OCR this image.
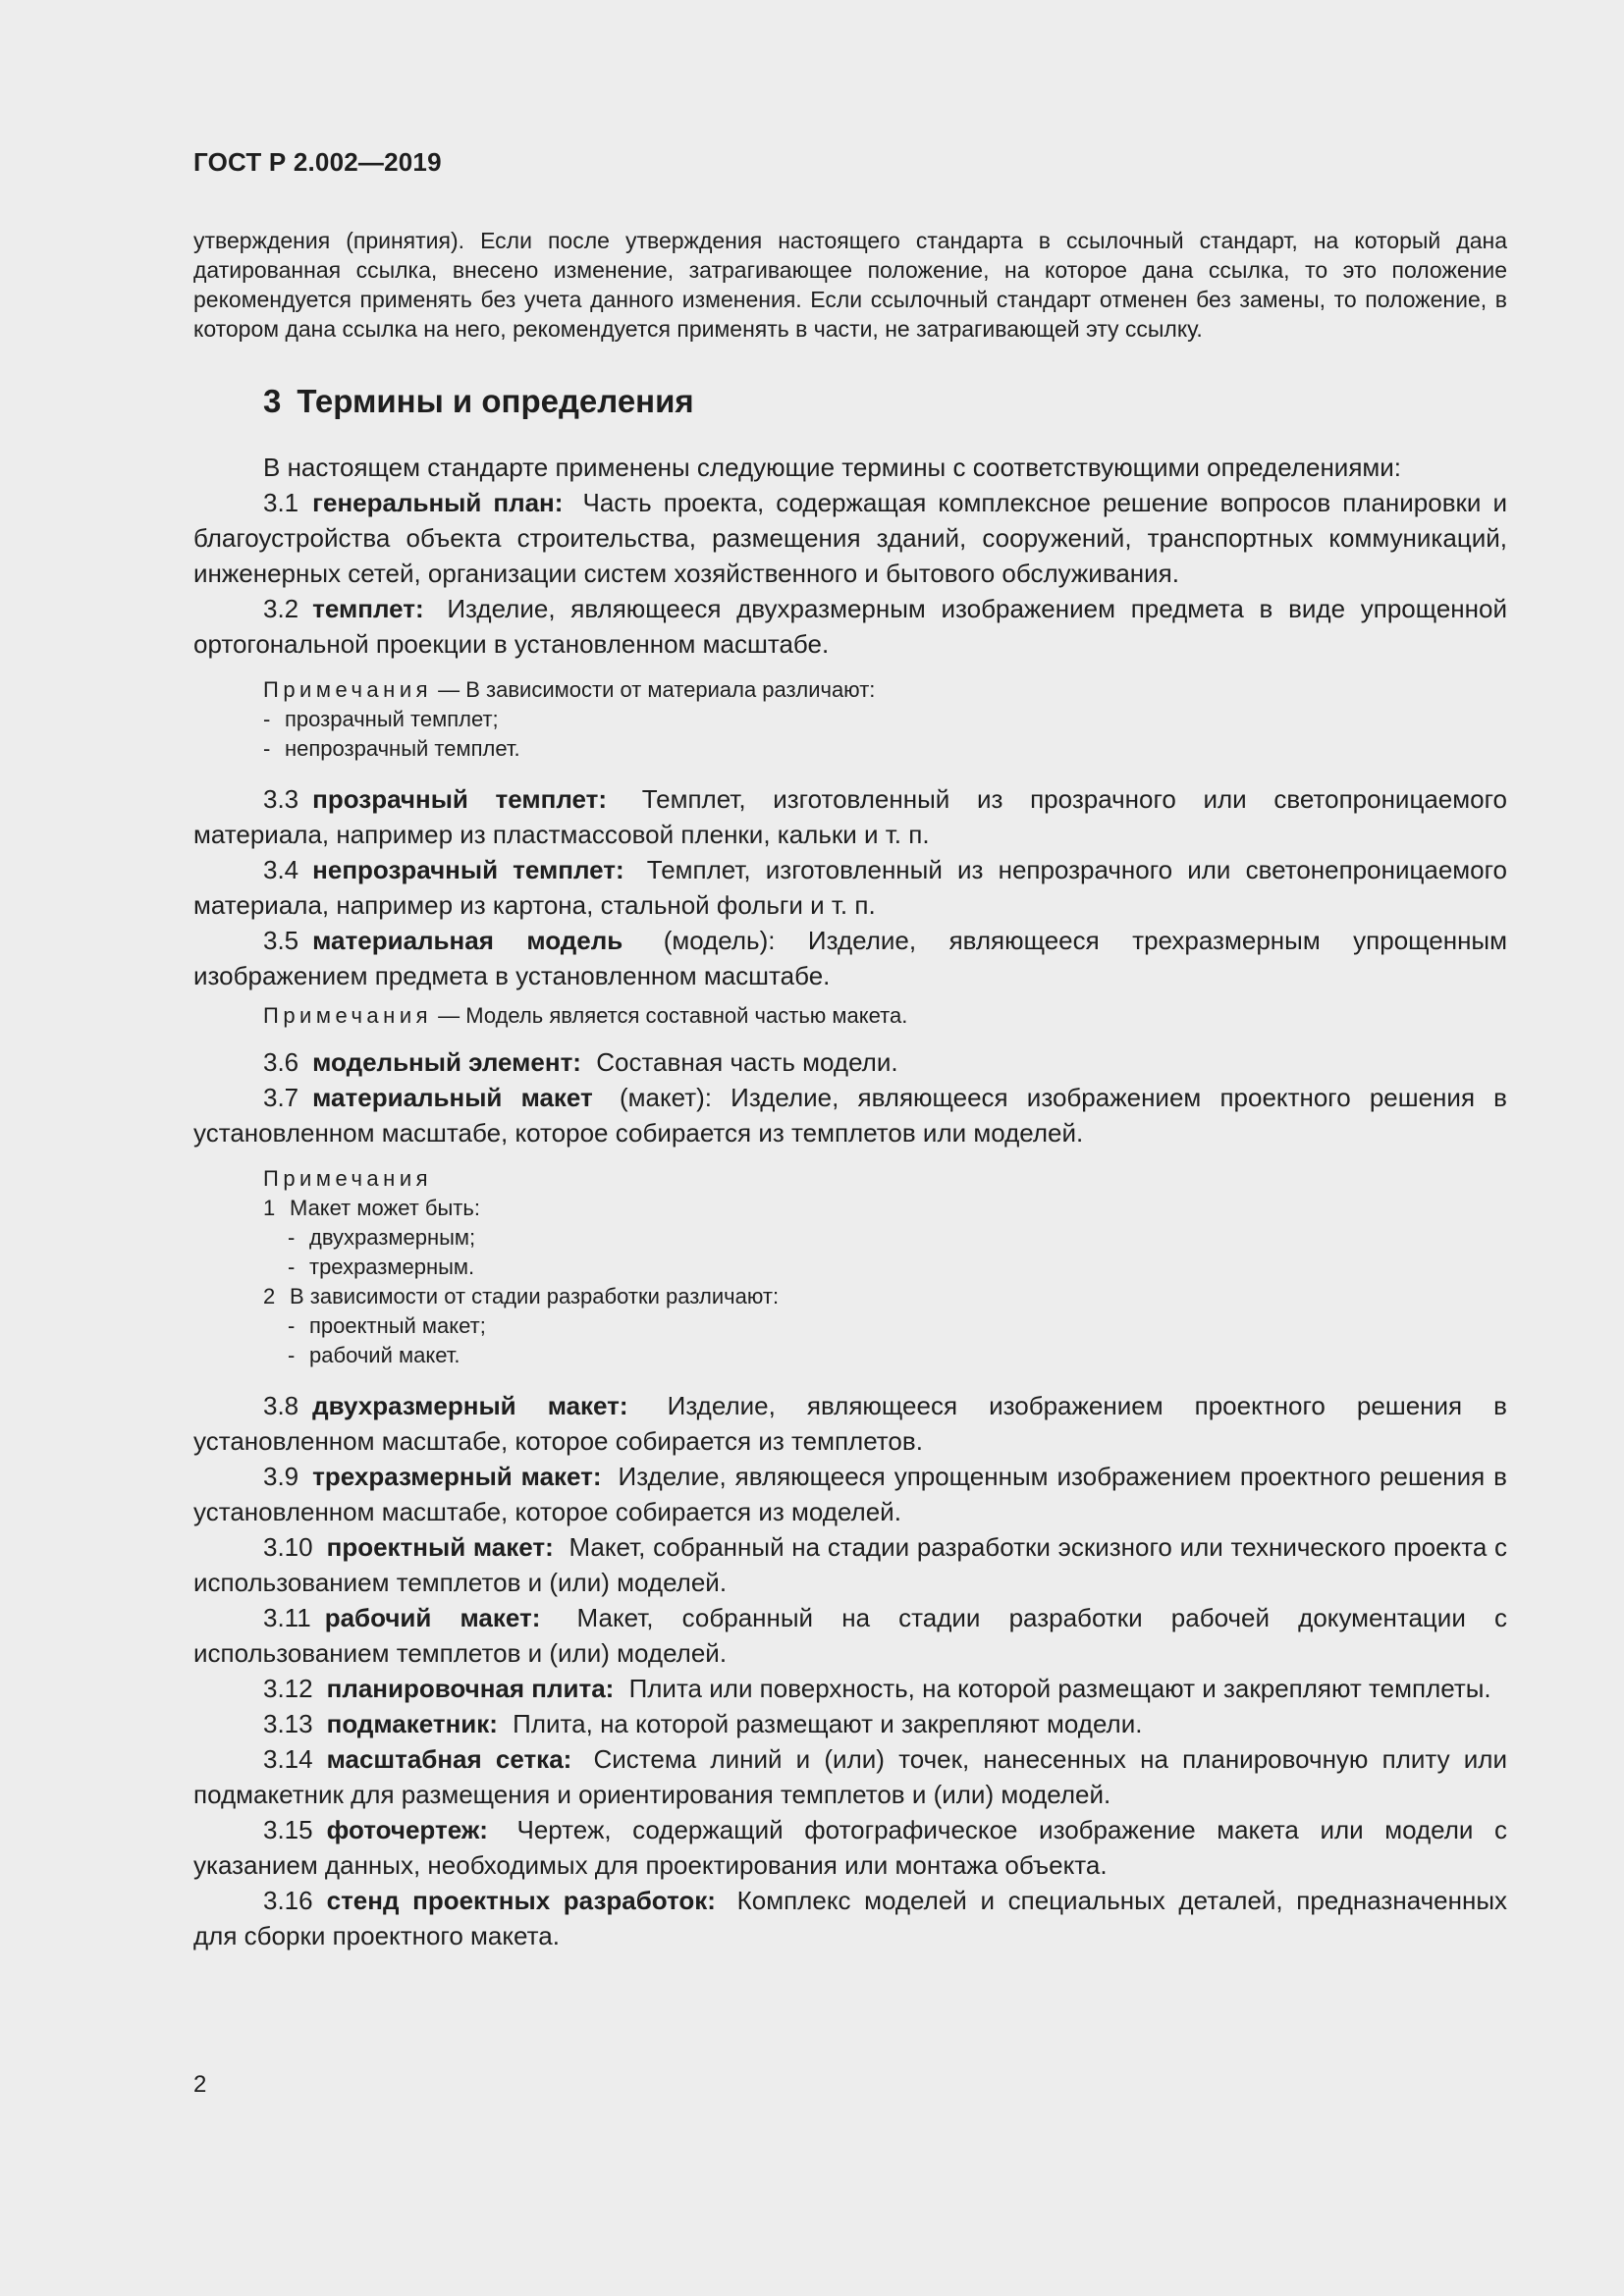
ГОСТ Р 2.002—2019

утверждения (принятия). Если после утверждения настоящего стандарта в ссылочный стандарт, на который дана датированная ссылка, внесено изменение, затрагивающее положение, на которое дана ссылка, то это положение рекомендуется применять без учета данного изменения. Если ссылочный стандарт отменен без замены, то положение, в котором дана ссылка на него, рекомендуется применять в части, не затрагивающей эту ссылку.

3 Термины и определения

В настоящем стандарте применены следующие термины с соответствующими определениями:

3.1 генеральный план: Часть проекта, содержащая комплексное решение вопросов планировки и благоустройства объекта строительства, размещения зданий, сооружений, транспортных коммуникаций, инженерных сетей, организации систем хозяйственного и бытового обслуживания.

3.2 темплет: Изделие, являющееся двухразмерным изображением предмета в виде упрощенной ортогональной проекции в установленном масштабе.

Примечания — В зависимости от материала различают:
- прозрачный темплет;
- непрозрачный темплет.

3.3 прозрачный темплет: Темплет, изготовленный из прозрачного или светопроницаемого материала, например из пластмассовой пленки, кальки и т. п.

3.4 непрозрачный темплет: Темплет, изготовленный из непрозрачного или светонепроницаемого материала, например из картона, стальной фольги и т. п.

3.5 материальная модель (модель): Изделие, являющееся трехразмерным упрощенным изображением предмета в установленном масштабе.

Примечания — Модель является составной частью макета.

3.6 модельный элемент: Составная часть модели.

3.7 материальный макет (макет): Изделие, являющееся изображением проектного решения в установленном масштабе, которое собирается из темплетов или моделей.

Примечания
1 Макет может быть:
- двухразмерным;
- трехразмерным.
2 В зависимости от стадии разработки различают:
- проектный макет;
- рабочий макет.

3.8 двухразмерный макет: Изделие, являющееся изображением проектного решения в установленном масштабе, которое собирается из темплетов.

3.9 трехразмерный макет: Изделие, являющееся упрощенным изображением проектного решения в установленном масштабе, которое собирается из моделей.

3.10 проектный макет: Макет, собранный на стадии разработки эскизного или технического проекта с использованием темплетов и (или) моделей.

3.11 рабочий макет: Макет, собранный на стадии разработки рабочей документации с использованием темплетов и (или) моделей.

3.12 планировочная плита: Плита или поверхность, на которой размещают и закрепляют темплеты.

3.13 подмакетник: Плита, на которой размещают и закрепляют модели.

3.14 масштабная сетка: Система линий и (или) точек, нанесенных на планировочную плиту или подмакетник для размещения и ориентирования темплетов и (или) моделей.

3.15 фоточертеж: Чертеж, содержащий фотографическое изображение макета или модели с указанием данных, необходимых для проектирования или монтажа объекта.

3.16 стенд проектных разработок: Комплекс моделей и специальных деталей, предназначенных для сборки проектного макета.

2
